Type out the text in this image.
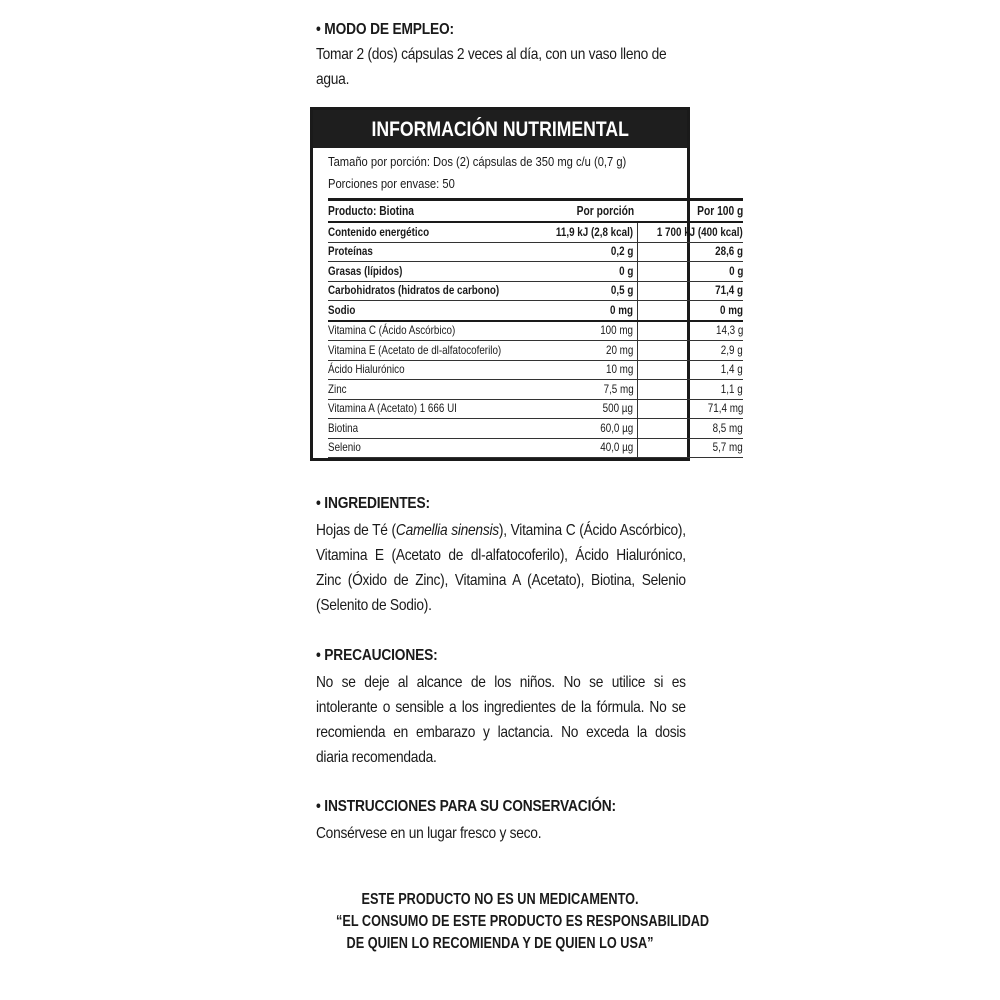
• MODO DE EMPLEO:
Tomar 2 (dos) cápsulas 2 veces al día, con un vaso lleno de
agua.
INFORMACIÓN NUTRIMENTAL
Tamaño por porción: Dos (2) cápsulas de 350 mg c/u (0,7 g)
Porciones por envase: 50
Producto: Biotina	Por porción	Por 100 g
Contenido energético	11,9 kJ (2,8 kcal)	1 700 kJ (400 kcal)
Proteínas	0,2 g	28,6 g
Grasas (lípidos)	0 g	0 g
Carbohidratos (hidratos de carbono)	0,5 g	71,4 g
Sodio	0 mg	0 mg
Vitamina C (Ácido Ascórbico)	100 mg	14,3 g
Vitamina E (Acetato de dl-alfatocoferilo)	20 mg	2,9 g
Ácido Hialurónico	10 mg	1,4 g
Zinc	7,5 mg	1,1 g
Vitamina A (Acetato) 1 666 UI	500 µg	71,4 mg
Biotina	60,0 µg	8,5 mg
Selenio	40,0 µg	5,7 mg
• INGREDIENTES:
Hojas de Té (Camellia sinensis), Vitamina C (Ácido Ascórbico), Vitamina E (Acetato de dl-alfatocoferilo), Ácido Hialurónico, Zinc (Óxido de Zinc), Vitamina A (Acetato), Biotina, Selenio (Selenito de Sodio).
• PRECAUCIONES:
No se deje al alcance de los niños. No se utilice si es intolerante o sensible a los ingredientes de la fórmula. No se recomienda en embarazo y lactancia. No exceda la dosis diaria recomendada.
• INSTRUCCIONES PARA SU CONSERVACIÓN:
Consérvese en un lugar fresco y seco.
ESTE PRODUCTO NO ES UN MEDICAMENTO.
“EL CONSUMO DE ESTE PRODUCTO ES RESPONSABILIDAD
DE QUIEN LO RECOMIENDA Y DE QUIEN LO USA”
